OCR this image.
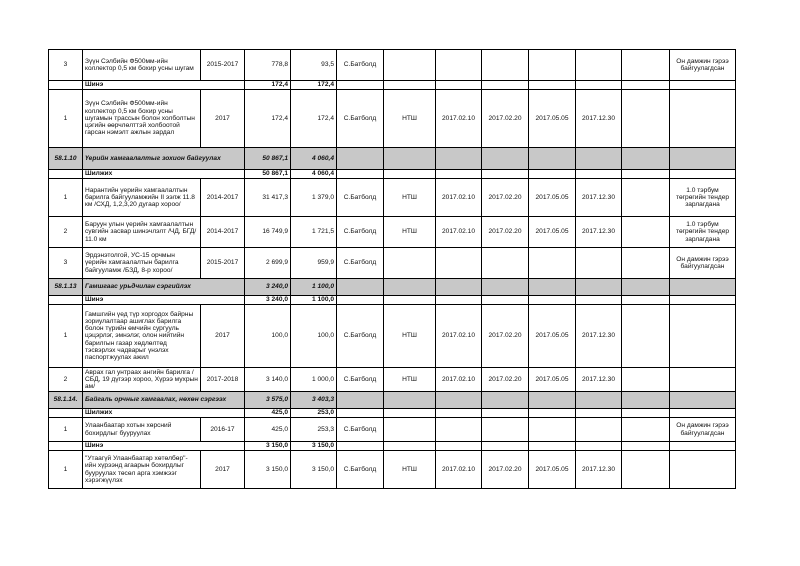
3	Зүүн Сэлбийн Ф500мм-ийн коллектор 0,5 км бохир усны шугам	2015-2017	778,8	93,5	С.Батболд							Он дамжин гэрээ байгуулагдсан
	Шинэ		172,4	172,4								
1	Зүүн Сэлбийн Ф500мм-ийн коллектор 0,5 км бохир усны шугамын трассын болон холболтын цэгийн өөрчлөлттэй холбоотой гарсан нэмэлт ажлын зардал	2017	172,4	172,4	С.Батболд	НТШ	2017.02.10	2017.02.20	2017.05.05	2017.12.30		
58.1.10	Үерийн хамгаалалтыг зохион байгуулах		50 867,1	4 060,4								
	Шилжих		50 867,1	4 060,4								
1	Нарантийн үерийн хамгаалалтын барилга байгууламжийн II ээлж 11.8 км /СХД, 1,2,3,20 дугаар хороо/	2014-2017	31 417,3	1 379,0	С.Батболд	НТШ	2017.02.10	2017.02.20	2017.05.05	2017.12.30		1.0 тэрбум төгрөгийн тендер зарлагдана
2	Баруун улын үерийн хамгаалалтын сувгийн засвар шинэчлэлт /ЧД, БГД/ 11.0 км	2014-2017	16 749,9	1 721,5	С.Батболд	НТШ	2017.02.10	2017.02.20	2017.05.05	2017.12.30		1.0 тэрбум төгрөгийн тендер зарлагдана
3	Эрдэнэтолгой, УС-15 орчмын үерийн хамгаалалтын барилга байгууламж /БЗД, 8-р хороо/	2015-2017	2 699,9	959,9	С.Батболд							Он дамжин гэрээ байгуулагдсан
58.1.13	Гамшгаас урьдчилан сэргийлэх		3 240,0	1 100,0								
	Шинэ		3 240,0	1 100,0								
1	Гамшгийн үед түр хоргодох байрны зориулалтаар ашиглах барилга болон түрийн өмчийн сургууль цэцэрлэг, эмнэлэг, олон нийтийн барилгын газар хөдлөлтөд тэсвэрлэх чадварыг үнэлэх паспортжуулах ажил	2017	100,0	100,0	С.Батболд	НТШ	2017.02.10	2017.02.20	2017.05.05	2017.12.30		
2	Аврах гал унтраах ангийн барилга /СБД, 19 дүгээр хороо, Хүрээ мухрын ам/	2017-2018	3 140,0	1 000,0	С.Батболд	НТШ	2017.02.10	2017.02.20	2017.05.05	2017.12.30		
58.1.14.	Байгаль орчныг хамгаалах, нөхөн сэргээх		3 575,0	3 403,3								
	Шилжих		425,0	253,0								
1	Улаанбаатар хотын хөрсний бохирдлыг бууруулах	2016-17	425,0	253,3	С.Батболд							Он дамжин гэрээ байгуулагдсан
	Шинэ		3 150,0	3 150,0								
1	"Утаагүй Улаанбаатар хөтөлбөр"-ийн хүрээнд агаарын бохирдлыг бууруулах төсөл арга хэмжээг хэрэгжүүлэх	2017	3 150,0	3 150,0	С.Батболд	НТШ	2017.02.10	2017.02.20	2017.05.05	2017.12.30		
